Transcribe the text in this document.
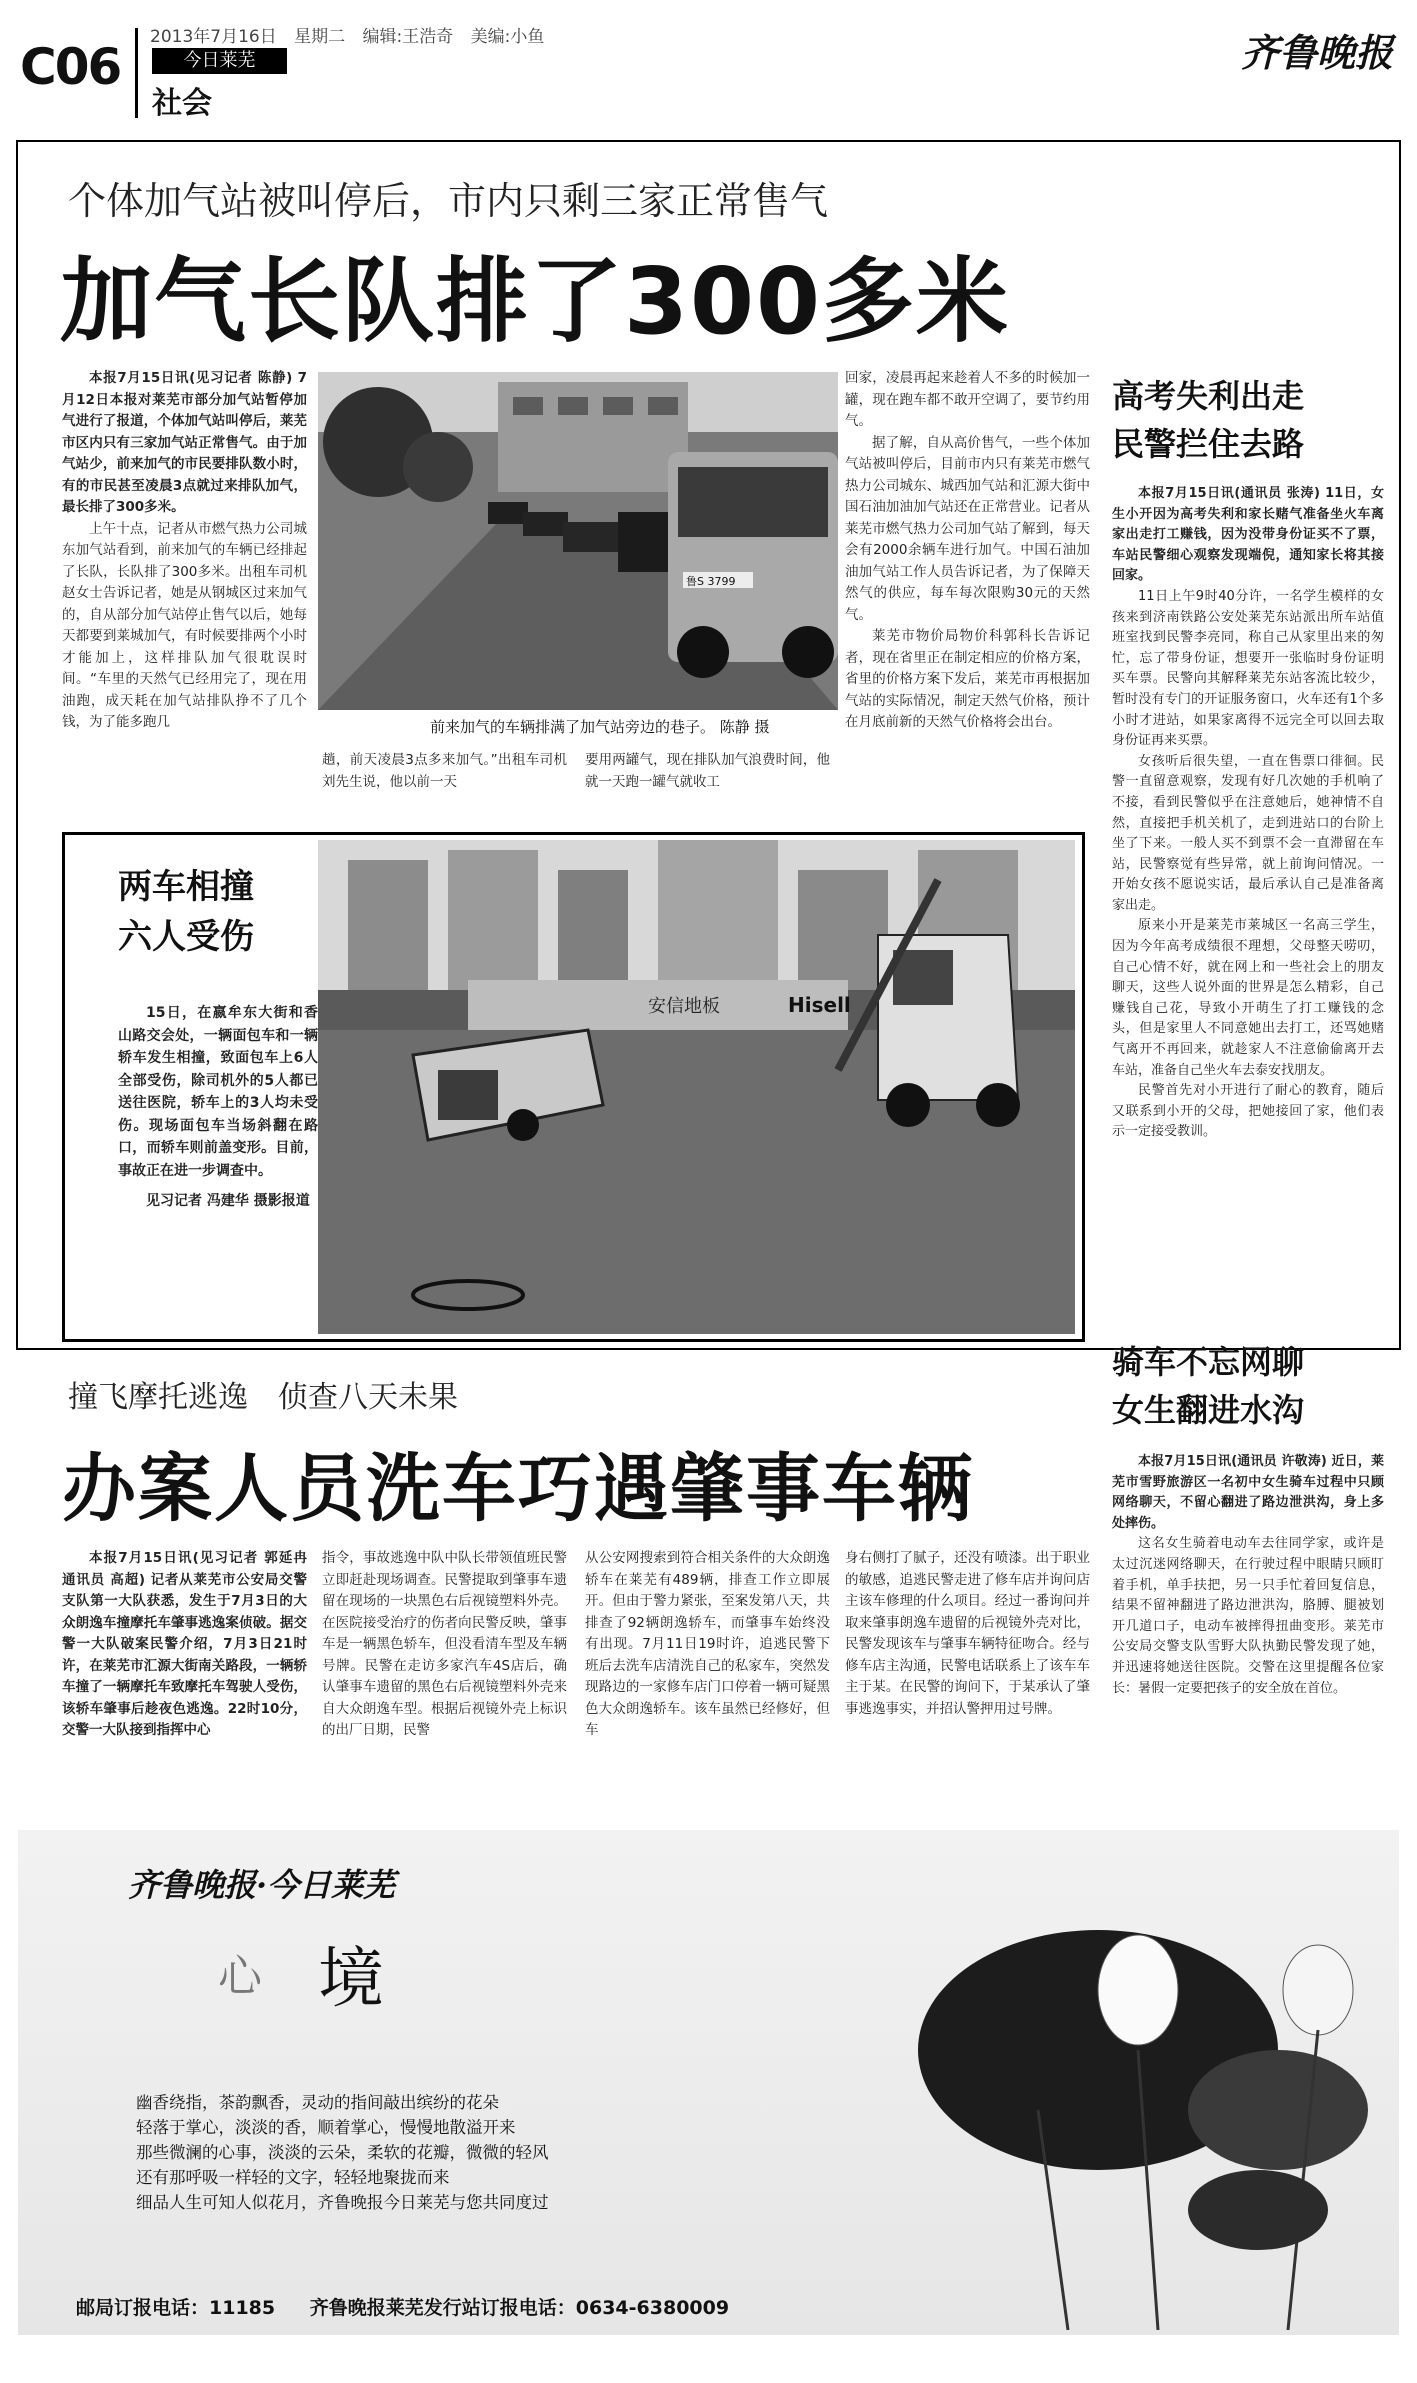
C06
2013年7月16日 星期二 编辑:王浩奇 美编:小鱼
今日莱芜
社会
齐鲁晚报
个体加气站被叫停后，市内只剩三家正常售气
加气长队排了300多米

本报7月15日讯(见习记者 陈静) 7月12日本报对莱芜市部分加气站暂停加气进行了报道，个体加气站叫停后，莱芜市区内只有三家加气站正常售气。由于加气站少，前来加气的市民要排队数小时，有的市民甚至凌晨3点就过来排队加气，最长排了300多米。

上午十点，记者从市燃气热力公司城东加气站看到，前来加气的车辆已经排起了长队，长队排了300多米。出租车司机赵女士告诉记者，她是从钢城区过来加气的，自从部分加气站停止售气以后，她每天都要到莱城加气，有时候要排两个小时才能加上，这样排队加气很耽误时间。“车里的天然气已经用完了，现在用油跑，成天耗在加气站排队挣不了几个钱，为了能多跑几

鲁S 3799
前来加气的车辆排满了加气站旁边的巷子。 陈静 摄

趟，前天凌晨3点多来加气。”出租车司机刘先生说，他以前一天

要用两罐气，现在排队加气浪费时间，他就一天跑一罐气就收工

回家，凌晨再起来趁着人不多的时候加一罐，现在跑车都不敢开空调了，要节约用气。

据了解，自从高价售气，一些个体加气站被叫停后，目前市内只有莱芜市燃气热力公司城东、城西加气站和汇源大街中国石油加油加气站还在正常营业。记者从莱芜市燃气热力公司加气站了解到，每天会有2000余辆车进行加气。中国石油加油加气站工作人员告诉记者，为了保障天然气的供应，每车每次限购30元的天然气。

莱芜市物价局物价科郭科长告诉记者，现在省里正在制定相应的价格方案，省里的价格方案下发后，莱芜市再根据加气站的实际情况，制定天然气价格，预计在月底前新的天然气价格将会出台。

两车相撞
六人受伤

15日，在嬴牟东大街和香山路交会处，一辆面包车和一辆轿车发生相撞，致面包车上6人全部受伤，除司机外的5人都已送往医院，轿车上的3人均未受伤。现场面包车当场斜翻在路口，而轿车则前盖变形。目前，事故正在进一步调查中。

见习记者 冯建华 摄影报道

安信地板	Hisell
高考失利出走
民警拦住去路

本报7月15日讯(通讯员 张涛) 11日，女生小开因为高考失利和家长赌气准备坐火车离家出走打工赚钱，因为没带身份证买不了票，车站民警细心观察发现端倪，通知家长将其接回家。

11日上午9时40分许，一名学生模样的女孩来到济南铁路公安处莱芜东站派出所车站值班室找到民警李亮同，称自己从家里出来的匆忙，忘了带身份证，想要开一张临时身份证明买车票。民警向其解释莱芜东站客流比较少，暂时没有专门的开证服务窗口，火车还有1个多小时才进站，如果家离得不远完全可以回去取身份证再来买票。

女孩听后很失望，一直在售票口徘徊。民警一直留意观察，发现有好几次她的手机响了不接，看到民警似乎在注意她后，她神情不自然，直接把手机关机了，走到进站口的台阶上坐了下来。一般人买不到票不会一直滞留在车站，民警察觉有些异常，就上前询问情况。一开始女孩不愿说实话，最后承认自己是准备离家出走。

原来小开是莱芜市莱城区一名高三学生，因为今年高考成绩很不理想，父母整天唠叨，自己心情不好，就在网上和一些社会上的朋友聊天，这些人说外面的世界是怎么精彩，自己赚钱自己花，导致小开萌生了打工赚钱的念头，但是家里人不同意她出去打工，还骂她赌气离开不再回来，就趁家人不注意偷偷离开去车站，准备自己坐火车去泰安找朋友。

民警首先对小开进行了耐心的教育，随后又联系到小开的父母，把她接回了家，他们表示一定接受教训。

骑车不忘网聊
女生翻进水沟

本报7月15日讯(通讯员 许敬涛) 近日，莱芜市雪野旅游区一名初中女生骑车过程中只顾网络聊天，不留心翻进了路边泄洪沟，身上多处摔伤。

这名女生骑着电动车去往同学家，或许是太过沉迷网络聊天，在行驶过程中眼睛只顾盯着手机，单手扶把，另一只手忙着回复信息，结果不留神翻进了路边泄洪沟，胳膊、腿被划开几道口子，电动车被摔得扭曲变形。莱芜市公安局交警支队雪野大队执勤民警发现了她，并迅速将她送往医院。交警在这里提醒各位家长：暑假一定要把孩子的安全放在首位。

撞飞摩托逃逸　侦查八天未果
办案人员洗车巧遇肇事车辆

本报7月15日讯(见习记者 郭延冉 通讯员 高超) 记者从莱芜市公安局交警支队第一大队获悉，发生于7月3日的大众朗逸车撞摩托车肇事逃逸案侦破。据交警一大队破案民警介绍，7月3日21时许，在莱芜市汇源大街南关路段，一辆轿车撞了一辆摩托车致摩托车驾驶人受伤，该轿车肇事后趁夜色逃逸。22时10分，交警一大队接到指挥中心

指令，事故逃逸中队中队长带领值班民警立即赶赴现场调查。民警提取到肇事车遗留在现场的一块黑色右后视镜塑料外壳。在医院接受治疗的伤者向民警反映，肇事车是一辆黑色轿车，但没看清车型及车辆号牌。民警在走访多家汽车4S店后，确认肇事车遗留的黑色右后视镜塑料外壳来自大众朗逸车型。根据后视镜外壳上标识的出厂日期，民警

从公安网搜索到符合相关条件的大众朗逸轿车在莱芜有489辆，排查工作立即展开。但由于警力紧张，至案发第八天，共排查了92辆朗逸轿车，而肇事车始终没有出现。7月11日19时许，追逃民警下班后去洗车店清洗自己的私家车，突然发现路边的一家修车店门口停着一辆可疑黑色大众朗逸轿车。该车虽然已经修好，但车

身右侧打了腻子，还没有喷漆。出于职业的敏感，追逃民警走进了修车店并询问店主该车修理的什么项目。经过一番询问并取来肇事朗逸车遗留的后视镜外壳对比，民警发现该车与肇事车辆特征吻合。经与修车店主沟通，民警电话联系上了该车车主于某。在民警的询问下，于某承认了肇事逃逸事实，并招认警押用过号牌。

齐鲁晚报·今日莱芜
心 境
幽香绕指，茶韵飘香，灵动的指间敲出缤纷的花朵
轻落于掌心，淡淡的香，顺着掌心，慢慢地散溢开来
那些微澜的心事，淡淡的云朵，柔软的花瓣，微微的轻风
还有那呼吸一样轻的文字，轻轻地聚拢而来
细品人生可知人似花月，齐鲁晚报今日莱芜与您共同度过
邮局订报电话：11185 齐鲁晚报莱芜发行站订报电话：0634-6380009
